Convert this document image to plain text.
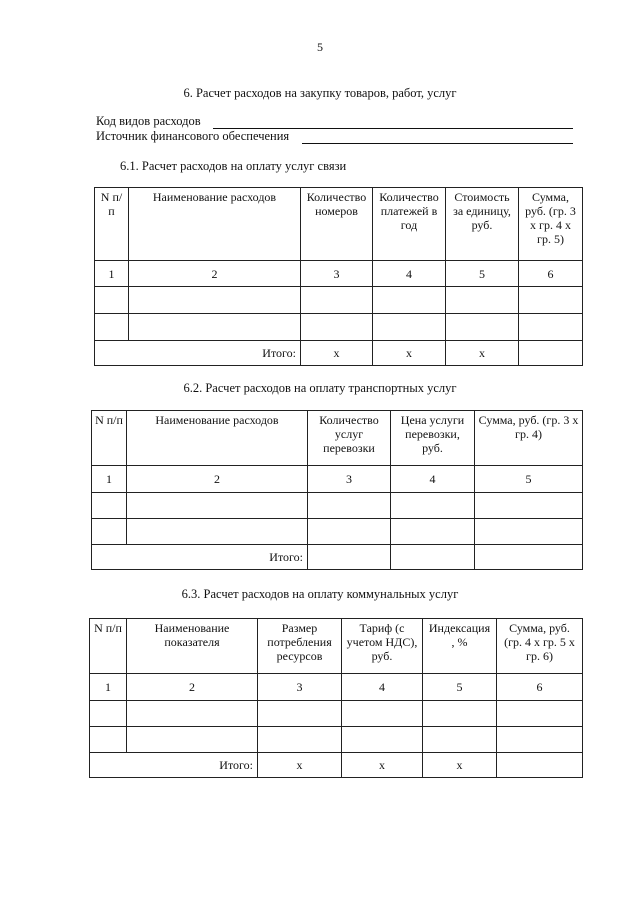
5
6. Расчет расходов на закупку товаров, работ, услуг
Код видов расходов
Источник финансового обеспечения
6.1. Расчет расходов на оплату услуг связи
N п/п	Наименование расходов	Количество номеров	Количество платежей в год	Стоимость за единицу, руб.	Сумма, руб. (гр. 3 x гр. 4 x гр. 5)
1	2	3	4	5	6

Итого:		x	x	x	
6.2. Расчет расходов на оплату транспортных услуг
N п/п	Наименование расходов	Количество услуг перевозки	Цена услуги перевозки, руб.	Сумма, руб. (гр. 3 x гр. 4)
1	2	3	4	5

Итого:				
6.3. Расчет расходов на оплату коммунальных услуг
N п/п	Наименование показателя	Размер потребления ресурсов	Тариф (с учетом НДС), руб.	Индексация , %	Сумма, руб. (гр. 4 x гр. 5 x гр. 6)
1	2	3	4	5	6

Итого:		x	x	x	
